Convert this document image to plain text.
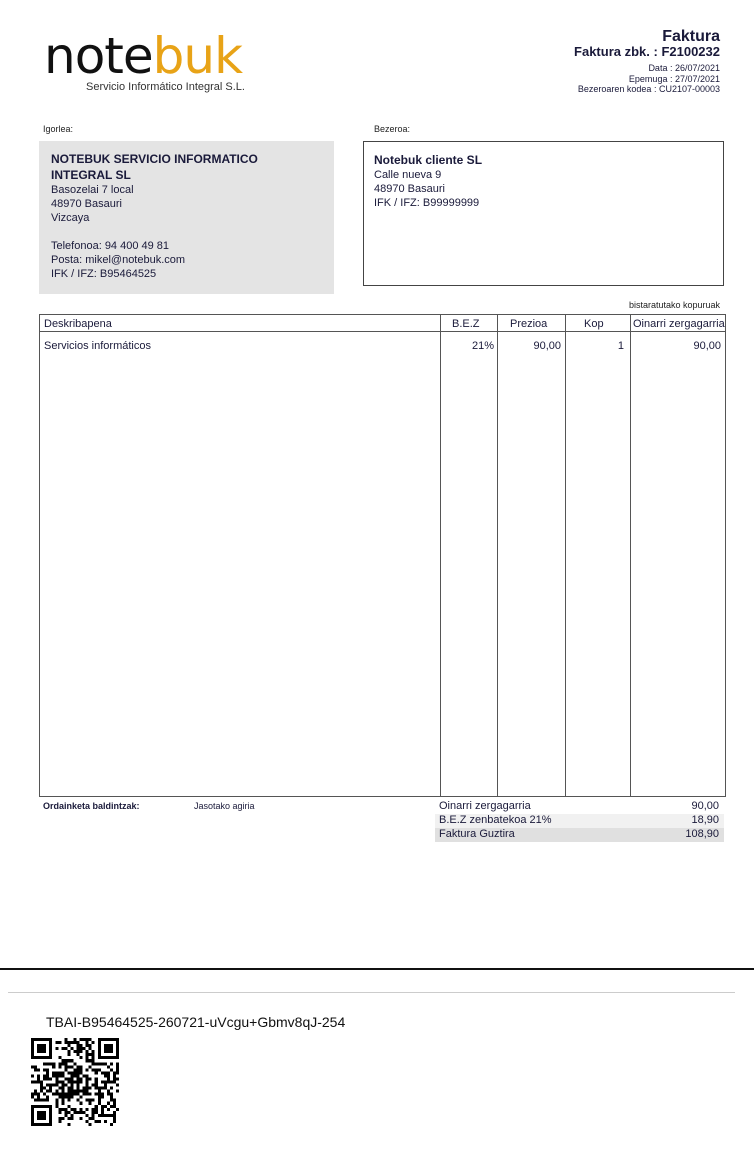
notebuk
Servicio Informático Integral S.L.
Faktura
Faktura zbk. : F2100232
Data : 26/07/2021
Epemuga : 27/07/2021
Bezeroaren kodea : CU2107-00003
Igorlea:
NOTEBUK SERVICIO INFORMATICO
INTEGRAL SL
Basozelai 7 local
48970 Basauri
Vizcaya
Telefonoa: 94 400 49 81
Posta: mikel@notebuk.com
IFK / IFZ: B95464525
Bezeroa:
Notebuk cliente SL
Calle nueva 9
48970 Basauri
IFK / IFZ: B99999999
bistaratutako kopuruak
Deskribapena	B.E.Z	Prezioa	Kop	Oinarri zergagarria
Servicios informáticos	21%	90,00	1	90,00
Ordainketa baldintzak:	Jasotako agiria	Oinarri zergagarria	90,00
B.E.Z zenbatekoa 21%	18,90
Faktura Guztira	108,90
TBAI-B95464525-260721-uVcgu+Gbmv8qJ-254
